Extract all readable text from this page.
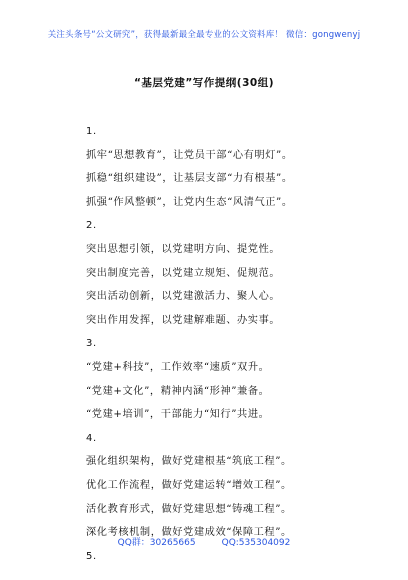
关注头条号“公文研究”，获得最新最全最专业的公文资料库！ 微信：gongwenyj
“基层党建”写作提纲(30组)
1.
抓牢“思想教育”，让党员干部“心有明灯”。
抓稳“组织建设”，让基层支部“力有根基”。
抓强“作风整顿”，让党内生态“风清气正”。
2.
突出思想引领，以党建明方向、提党性。
突出制度完善，以党建立规矩、促规范。
突出活动创新，以党建激活力、聚人心。
突出作用发挥，以党建解难题、办实事。
3.
“党建+科技”，工作效率“速质”双升。
“党建+文化”，精神内涵“形神”兼备。
“党建+培训”，干部能力“知行”共进。
4.
强化组织架构，做好党建根基“筑底工程”。
优化工作流程，做好党建运转“增效工程”。
活化教育形式，做好党建思想“铸魂工程”。
深化考核机制，做好党建成效“保障工程”。
5.
QQ群：30265665	QQ:535304092
